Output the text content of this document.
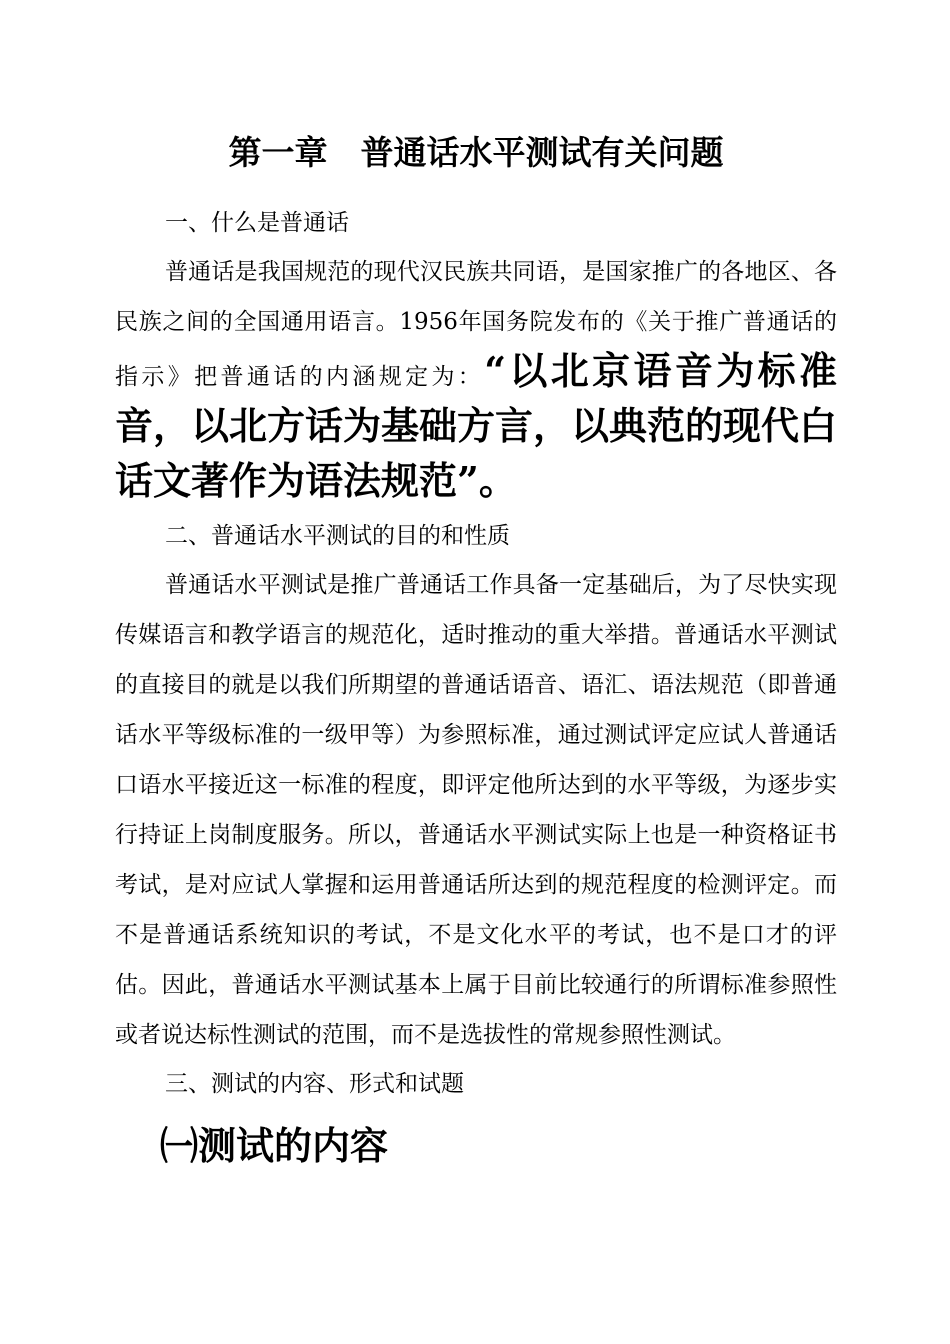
第一章　普通话水平测试有关问题

一、什么是普通话

普通话是我国规范的现代汉民族共同语，是国家推广的各地区、各民族之间的全国通用语言。1956年国务院发布的《关于推广普通话的指示》把普通话的内涵规定为：“以北京语音为标准音，以北方话为基础方言，以典范的现代白话文著作为语法规范”。

二、普通话水平测试的目的和性质

普通话水平测试是推广普通话工作具备一定基础后，为了尽快实现传媒语言和教学语言的规范化，适时推动的重大举措。普通话水平测试的直接目的就是以我们所期望的普通话语音、语汇、语法规范（即普通话水平等级标准的一级甲等）为参照标准，通过测试评定应试人普通话口语水平接近这一标准的程度，即评定他所达到的水平等级，为逐步实行持证上岗制度服务。所以，普通话水平测试实际上也是一种资格证书考试，是对应试人掌握和运用普通话所达到的规范程度的检测评定。而不是普通话系统知识的考试，不是文化水平的考试，也不是口才的评估。因此，普通话水平测试基本上属于目前比较通行的所谓标准参照性或者说达标性测试的范围，而不是选拔性的常规参照性测试。

三、测试的内容、形式和试题

㈠测试的内容
